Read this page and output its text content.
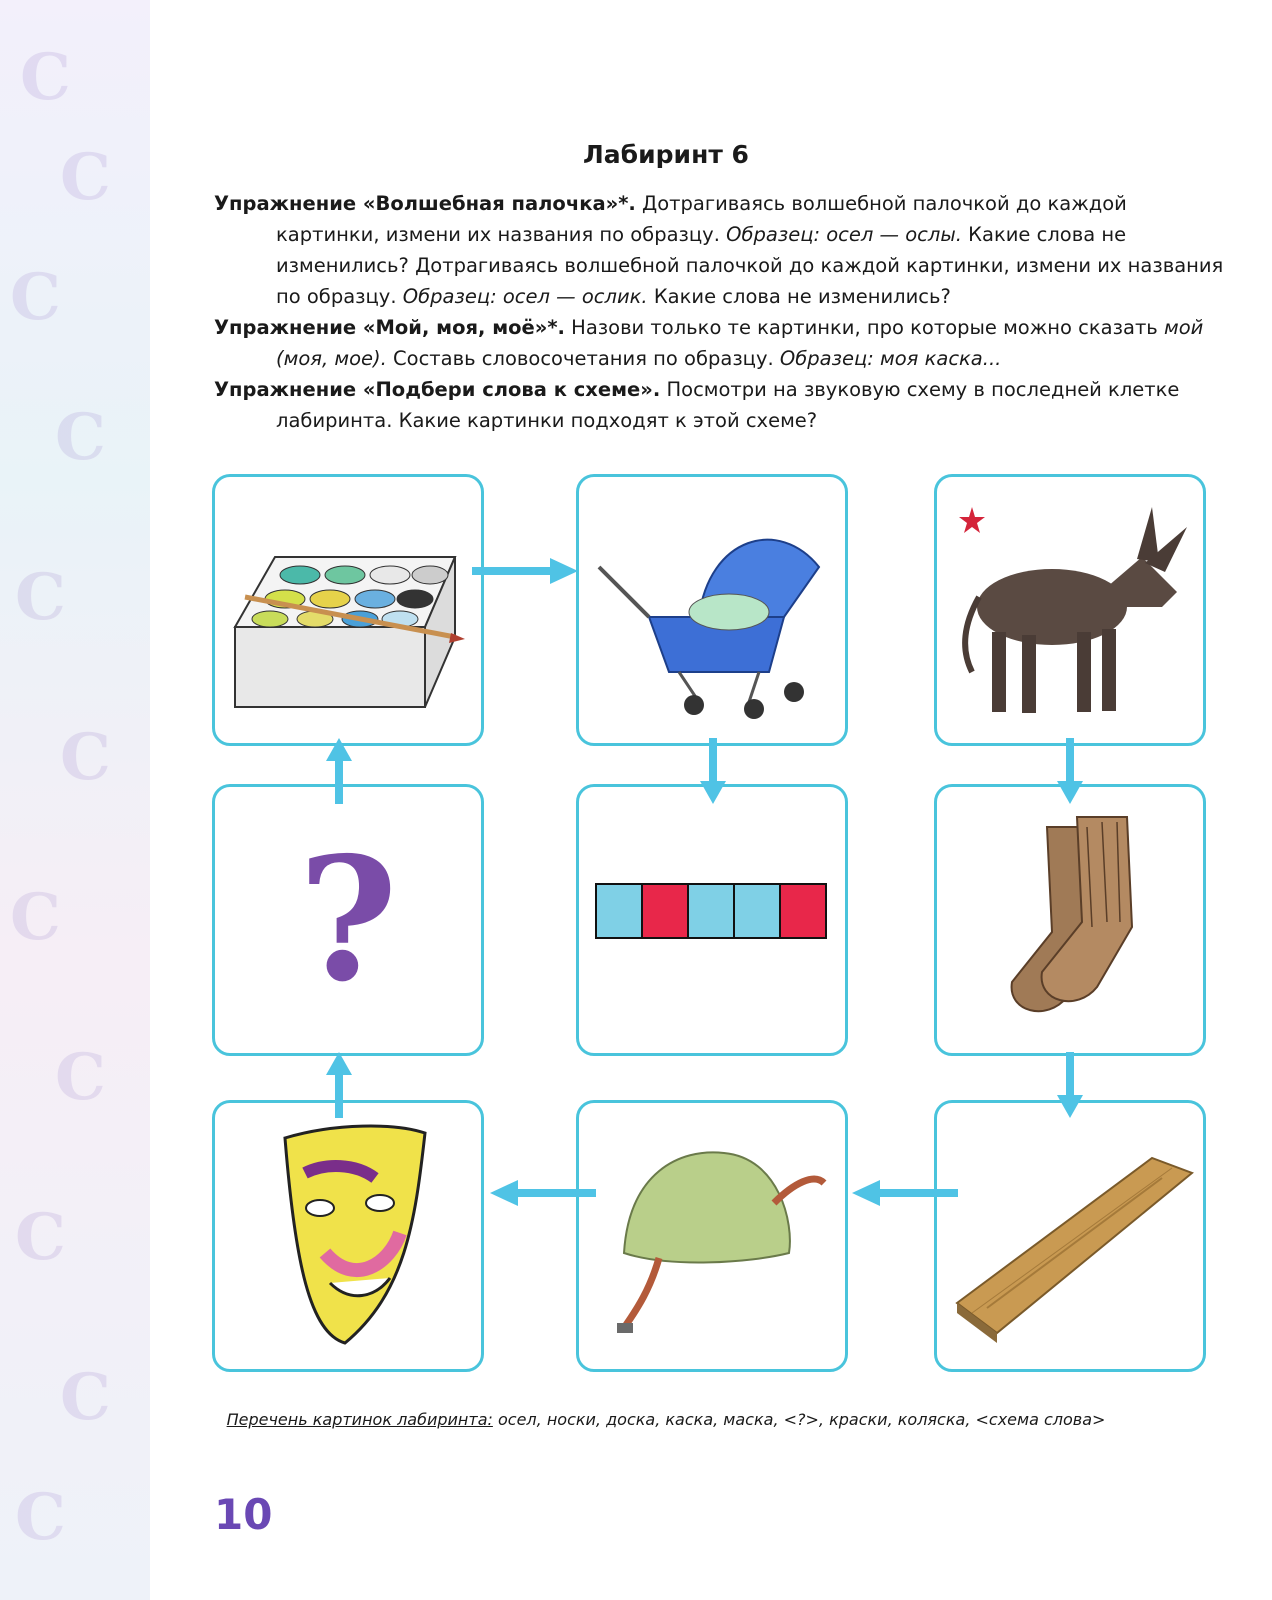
С
С
С
С
С
С
С
С
С
С
С
Лабиринт 6

Упражнение «Волшебная палочка»*. Дотрагиваясь волшебной палочкой до каждой картинки, измени их названия по образцу. Образец: осел — ослы. Какие слова не изменились? Дотрагиваясь волшебной палочкой до каждой картинки, измени их названия по образцу. Образец: осел — ослик. Какие слова не изменились?

Упражнение «Мой, моя, моё»*. Назови только те картинки, про которые можно сказать мой (моя, мое). Составь словосочетания по образцу. Образец: моя каска...

Упражнение «Подбери слова к схеме». Посмотри на звуковую схему в последней клетке лабиринта. Какие картинки подходят к этой схеме?

?
Перечень картинок лабиринта: осел, носки, доска, каска, маска, <?>, краски, коляска, <схема слова>
10
